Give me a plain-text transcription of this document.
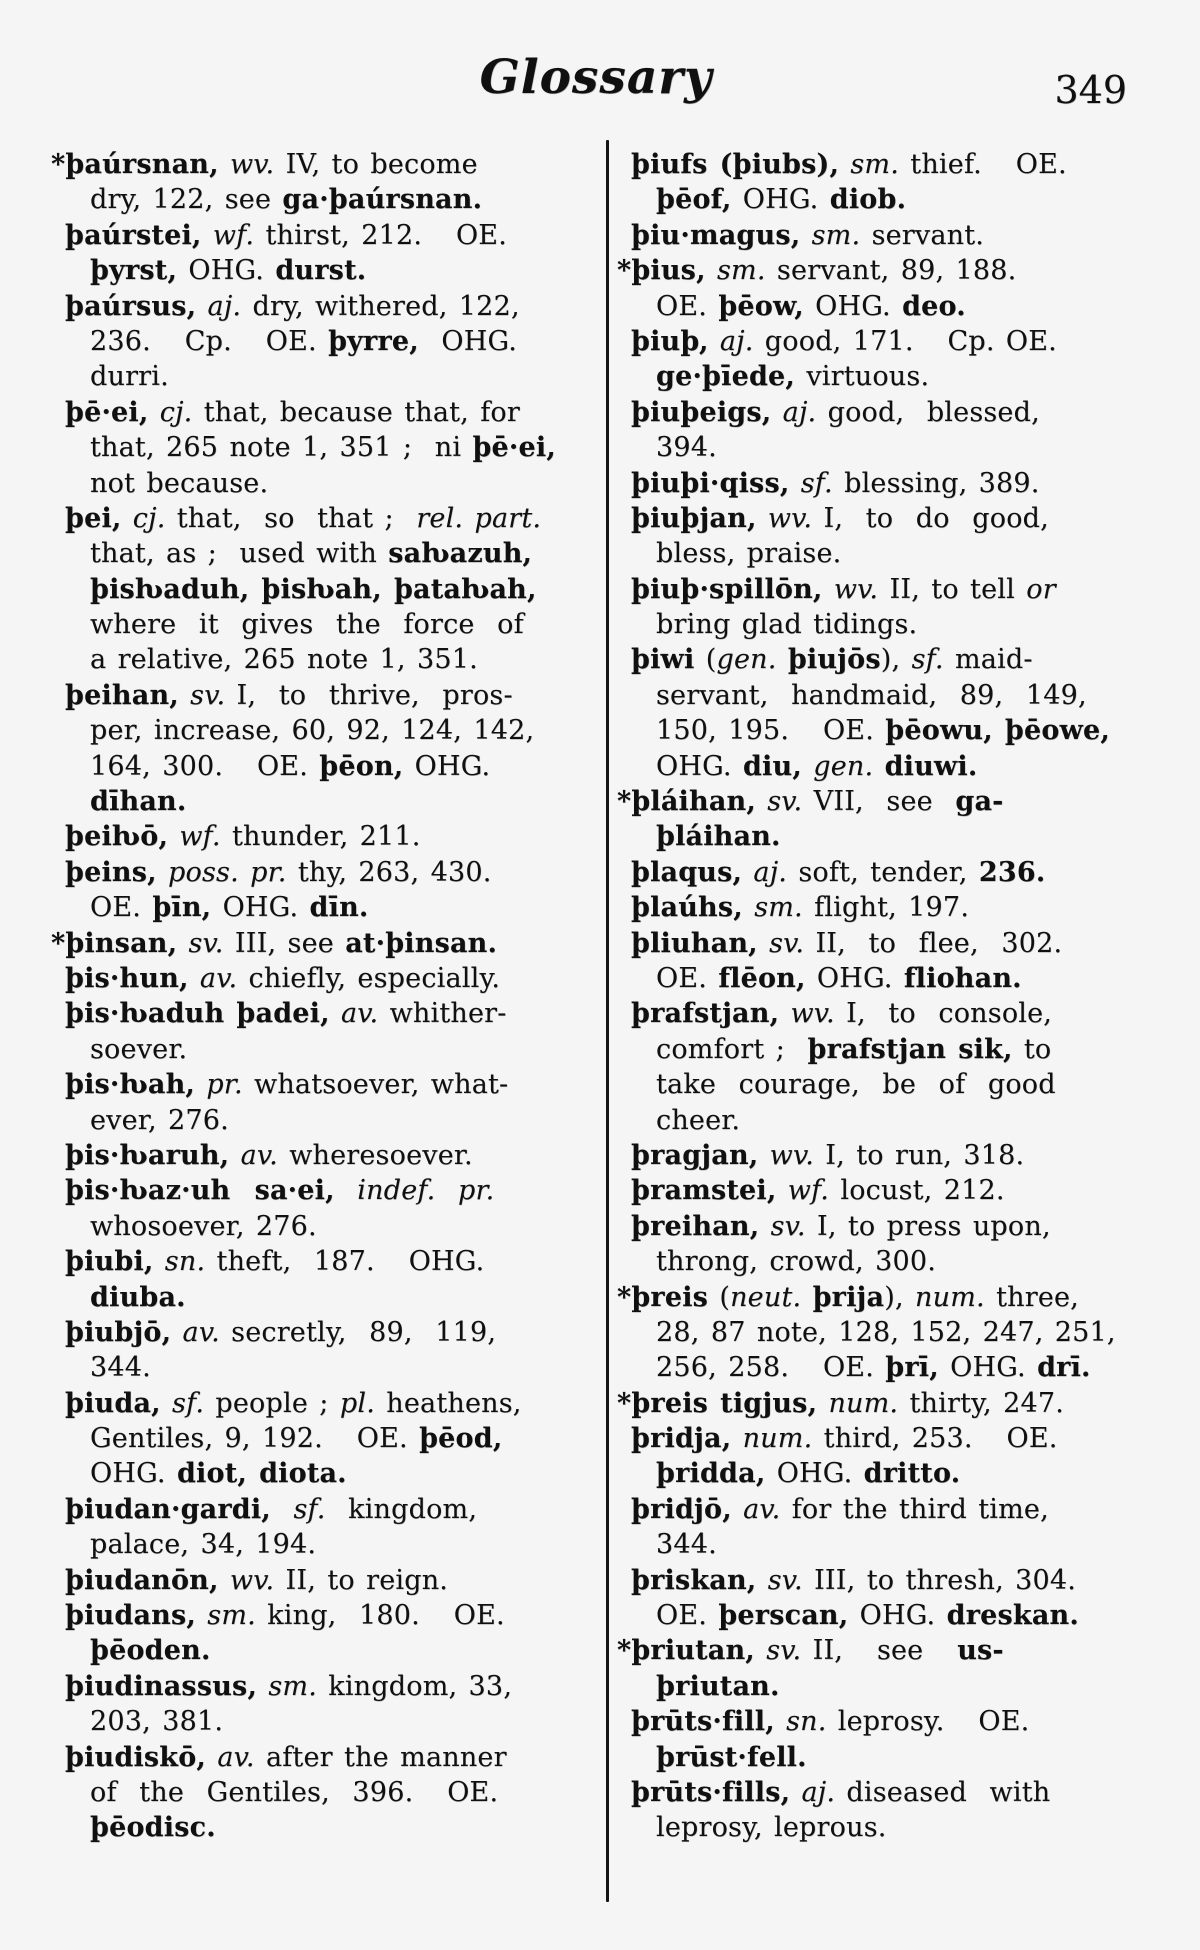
Glossary	349
*þaúrsnan, wv. IV, to become
dry, 122, see ga·þaúrsnan.
þaúrstei, wf. thirst, 212.   OE.
þyrst, OHG. durst.
þaúrsus, aj. dry, withered, 122,
236.   Cp.   OE. þyrre,  OHG.
durri.
þē·ei, cj. that, because that, for
that, 265 note 1, 351 ;  ni þē·ei,
not because.
þei, cj. that,  so  that ;  rel. part.
that, as ;  used with saƕazuh,
þisƕaduh, þisƕah, þataƕah,
where  it  gives  the  force  of
a relative, 265 note 1, 351.
þeihan, sv. I,  to  thrive,  pros-
per, increase, 60, 92, 124, 142,
164, 300.   OE. þēon, OHG.
dīhan.
þeiƕō, wf. thunder, 211.
þeins, poss. pr. thy, 263, 430.
OE. þīn, OHG. dīn.
*þinsan, sv. III, see at·þinsan.
þis·hun, av. chiefly, especially.
þis·ƕaduh þadei, av. whither-
soever.
þis·ƕah, pr. whatsoever, what-
ever, 276.
þis·ƕaruh, av. wheresoever.
þis·ƕaz·uh  sa·ei, indef.  pr.
whosoever, 276.
þiubi, sn. theft,  187.   OHG.
diuba.
þiubjō, av. secretly,  89,  119,
344.
þiuda, sf. people ; pl. heathens,
Gentiles, 9, 192.   OE. þēod,
OHG. diot, diota.
þiudan·gardi, sf.  kingdom,
palace, 34, 194.
þiudanōn, wv. II, to reign.
þiudans, sm. king,  180.   OE.
þēoden.
þiudinassus, sm. kingdom, 33,
203, 381.
þiudiskō, av. after the manner
of  the  Gentiles,  396.   OE.
þēodisc.
þiufs (þiubs), sm. thief.   OE.
þēof, OHG. diob.
þiu·magus, sm. servant.
*þius, sm. servant, 89, 188.
OE. þēow, OHG. deo.
þiuþ, aj. good, 171.   Cp. OE.
ge·þīede, virtuous.
þiuþeigs, aj. good,  blessed,
394.
þiuþi·qiss, sf. blessing, 389.
þiuþjan, wv. I,  to  do  good,
bless, praise.
þiuþ·spillōn, wv. II, to tell or
bring glad tidings.
þiwi (gen. þiujōs), sf. maid-
servant,  handmaid,  89,  149,
150, 195.   OE. þēowu, þēowe,
OHG. diu, gen. diuwi.
*þláihan, sv. VII,  see  ga-
þláihan.
þlaqus, aj. soft, tender, 236.
þlaúhs, sm. flight, 197.
þliuhan, sv. II,  to  flee,  302.
OE. flēon, OHG. fliohan.
þrafstjan, wv. I,  to  console,
comfort ;  þrafstjan sik, to
take  courage,  be  of  good
cheer.
þragjan, wv. I, to run, 318.
þramstei, wf. locust, 212.
þreihan, sv. I, to press upon,
throng, crowd, 300.
*þreis (neut. þrija), num. three,
28, 87 note, 128, 152, 247, 251,
256, 258.   OE. þrī, OHG. drī.
*þreis tigjus, num. thirty, 247.
þridja, num. third, 253.   OE.
þridda, OHG. dritto.
þridjō, av. for the third time,
344.
þriskan, sv. III, to thresh, 304.
OE. þerscan, OHG. dreskan.
*þriutan, sv. II,   see   us-
þriutan.
þrūts·fill, sn. leprosy.   OE.
þrūst·fell.
þrūts·fills, aj. diseased  with
leprosy, leprous.
